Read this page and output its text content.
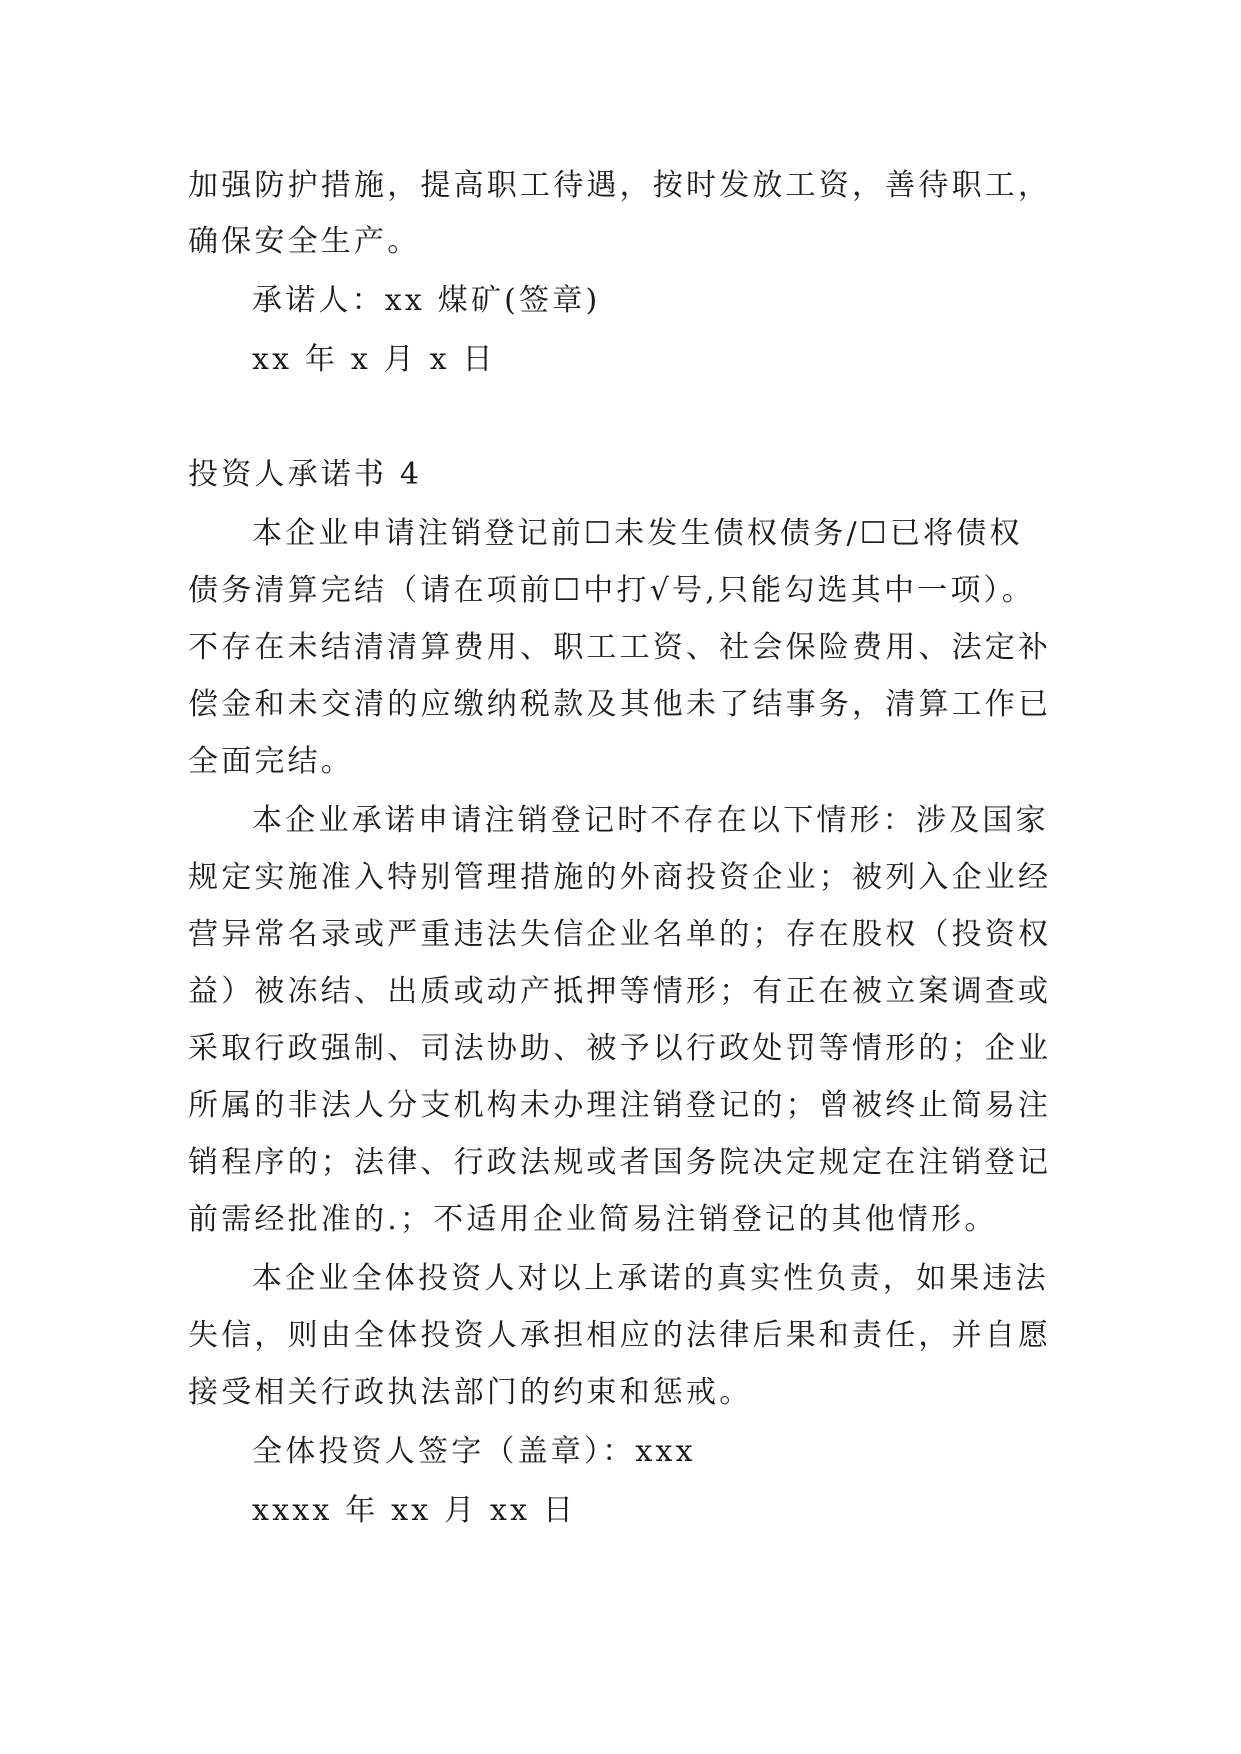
加强防护措施，提高职工待遇，按时发放工资，善待职工，
确保安全生产。
承诺人：xx 煤矿(签章)
xx 年 x 月 x 日
投资人承诺书 4
本企业申请注销登记前☐未发生债权债务/☐已将债权
债务清算完结（请在项前☐中打√号,只能勾选其中一项）。
不存在未结清清算费用、职工工资、社会保险费用、法定补
偿金和未交清的应缴纳税款及其他未了结事务，清算工作已
全面完结。
本企业承诺申请注销登记时不存在以下情形：涉及国家
规定实施准入特别管理措施的外商投资企业；被列入企业经
营异常名录或严重违法失信企业名单的；存在股权（投资权
益）被冻结、出质或动产抵押等情形；有正在被立案调查或
采取行政强制、司法协助、被予以行政处罚等情形的；企业
所属的非法人分支机构未办理注销登记的；曾被终止简易注
销程序的；法律、行政法规或者国务院决定规定在注销登记
前需经批准的.；不适用企业简易注销登记的其他情形。
本企业全体投资人对以上承诺的真实性负责，如果违法
失信，则由全体投资人承担相应的法律后果和责任，并自愿
接受相关行政执法部门的约束和惩戒。
全体投资人签字（盖章）：xxx
xxxx 年 xx 月 xx 日
